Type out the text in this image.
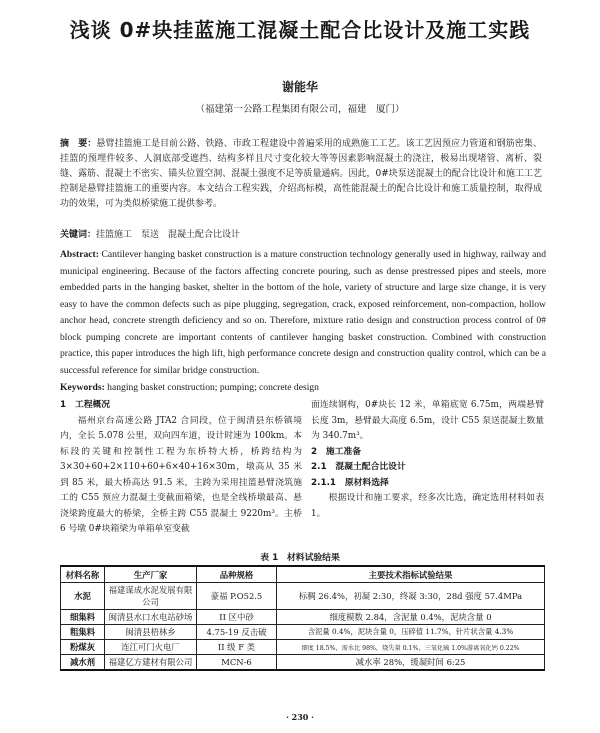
浅谈 0#块挂蓝施工混凝土配合比设计及施工实践
谢能华
（福建第一公路工程集团有限公司，福建　厦门）
摘　要：悬臂挂篮施工是目前公路、铁路、市政工程建设中普遍采用的成熟施工工艺。该工艺因预应力管道和钢筋密集、挂篮的预埋件较多、人洞底部受遮挡、结构多样且尺寸变化较大等等因素影响混凝土的浇注，极易出现堵管、离析、裂缝、露筋、混凝土不密实、锚头位置空洞、混凝土强度不足等质量通病。因此，0#块泵送混凝土的配合比设计和施工工艺控制是悬臂挂篮施工的重要内容。本文结合工程实践，介绍高标模，高性能混凝土的配合比设计和施工质量控制，取得成功的效果，可为类似桥梁施工提供参考。
关键词：挂篮施工　泵送　混凝土配合比设计
Abstract: Cantilever hanging basket construction is a mature construction technology generally used in highway, railway and municipal engineering. Because of the factors affecting concrete pouring, such as dense prestressed pipes and steels, more embedded parts in the hanging basket, shelter in the bottom of the hole, variety of structure and large size change, it is very easy to have the common defects such as pipe plugging, segregation, crack, exposed reinforcement, non-compaction, hollow anchor head, concrete strength deficiency and so on. Therefore, mixture ratio design and construction process control of 0# block pumping concrete are important contents of cantilever hanging basket construction. Combined with construction practice, this paper introduces the high lift, high performance concrete design and construction quality control, which can be a successful reference for similar bridge construction.
Keywords: hanging basket construction; pumping; concrete design

1　工程概况

福州京台高速公路 JTA2 合同段，位于闽清县东桥镇境内，全长 5.078 公里，双向四车道，设计时速为 100km。本标段的关键和控制性工程为东桥特大桥，桥跨结构为 3×30+60+2×110+60+6×40+16×30m，墩高从 35 米到 85 米，最大桥高达 91.5 米，主跨为采用挂篮悬臂浇筑施工的 C55 预应力混凝土变截面箱梁，也是全线桥墩最高、悬浇梁跨度最大的桥梁，全桥主跨 C55 混凝土 9220m³。主桥 6 号墩 0#块箱梁为单箱单室变截

面连续钢构，0#块长 12 米，单箱底宽 6.75m，两端悬臂长度 3m，悬臂最大高度 6.5m，设计 C55 泵送混凝土数量为 340.7m³。

2　施工准备

2.1　混凝土配合比设计

2.1.1　原材料选择

根据设计和施工要求，经多次比选，确定选用材料如表 1。

表 1　材料试验结果
材料名称	生产厂家	品种规格	主要技术指标试验结果
水泥	福建谋成水泥发展有限公司	豪福 P.O52.5	标稠 26.4%，初凝 2:30，终凝 3:30，28d 强度 57.4MPa
细集料	闽清县水口水电站砂场	II 区中砂	细度模数 2.84，含泥量 0.4%，泥块含量 0
粗集料	闽清县梧林乡	4.75-19 反击破	含泥量 0.4%，泥块含量 0，压碎值 11.7%，针片状含量 4.3%
粉煤灰	连江可门火电厂	II 级 F 类	细度 18.5%，需水比 98%，烧失量 0.1%，三氧化硫 1.0%游离氧化钙 0.22%
减水剂	福建亿方建材有限公司	MCN-6	减水率 28%，缓凝时间 6:25
· 230 ·
